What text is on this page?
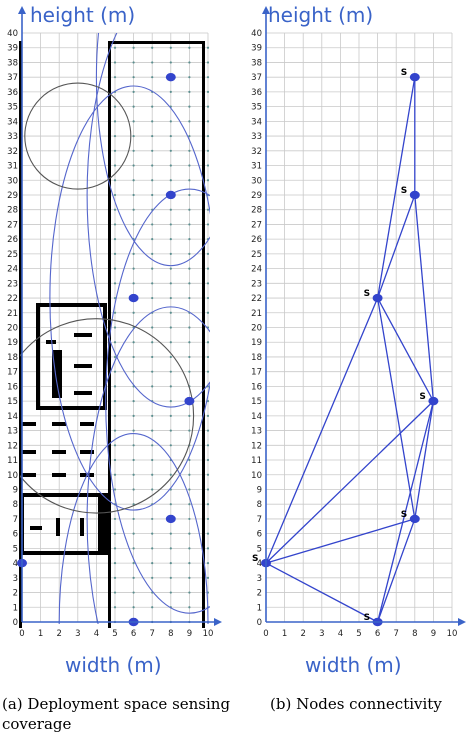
0 1 2 3 4 5 6 7 8 9 10
0
1
2
3
4
5
6
7
8
9
10
11
12
13
14
15
16
17
18
19
20
21
22
23
24
25
26
27
28
29
30
31
32
33
34
35
36
37
38
39
40
height (m)
width (m)
S
S
S
S
S
S
S
0 1 2 3 4 5 6 7 8 9 10
0
1
2
3
4
5
6
7
8
9
10
11
12
13
14
15
16
17
18
19
20
21
22
23
24
25
26
27
28
29
30
31
32
33
34
35
36
37
38
39
40
height (m)
width (m)
(a) Deployment space sensing coverage
(b) Nodes connectivity
